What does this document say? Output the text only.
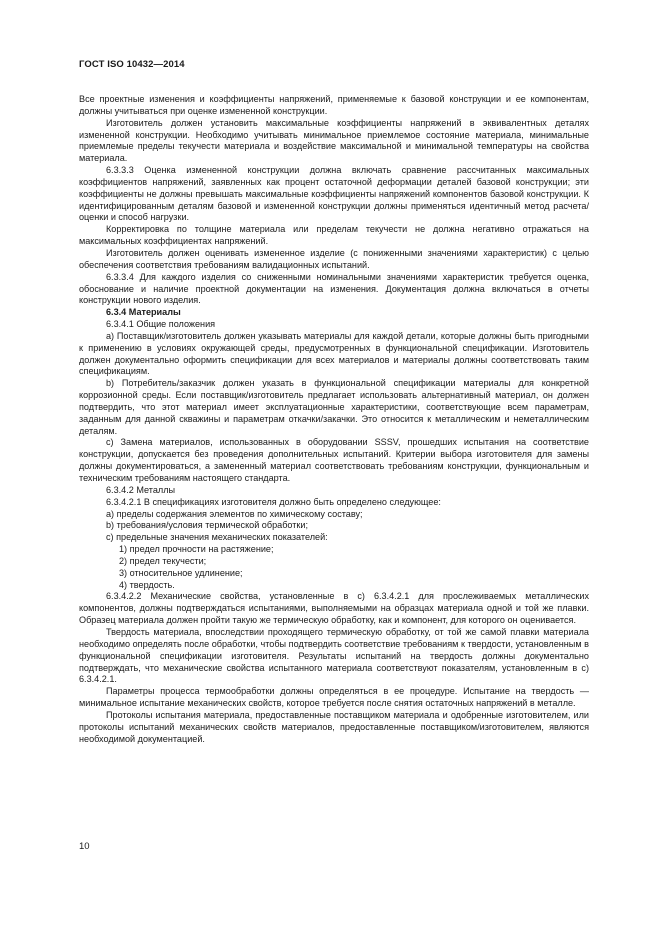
ГОСТ ISO 10432—2014

Все проектные изменения и коэффициенты напряжений, применяемые к базовой конструкции и ее компонентам, должны учитываться при оценке измененной конструкции.

Изготовитель должен установить максимальные коэффициенты напряжений в эквивалентных деталях измененной конструкции. Необходимо учитывать минимальное приемлемое состояние материала, минимальные приемлемые пределы текучести материала и воздействие максимальной и минимальной температуры на свойства материала.

6.3.3.3 Оценка измененной конструкции должна включать сравнение рассчитанных максимальных коэффициентов напряжений, заявленных как процент остаточной деформации деталей базовой конструкции; эти коэффициенты не должны превышать максимальные коэффициенты напряжений компонентов базовой конструкции. К идентифицированным деталям базовой и измененной конструкции должны применяться идентичный метод расчета/оценки и способ нагрузки.

Корректировка по толщине материала или пределам текучести не должна негативно отражаться на максимальных коэффициентах напряжений.

Изготовитель должен оценивать измененное изделие (с пониженными значениями характеристик) с целью обеспечения соответствия требованиям валидационных испытаний.

6.3.3.4 Для каждого изделия со сниженными номинальными значениями характеристик требуется оценка, обоснование и наличие проектной документации на изменения. Документация должна включаться в отчеты конструкции нового изделия.

6.3.4 Материалы

6.3.4.1 Общие положения

a) Поставщик/изготовитель должен указывать материалы для каждой детали, которые должны быть пригодными к применению в условиях окружающей среды, предусмотренных в функциональной спецификации. Изготовитель должен документально оформить спецификации для всех материалов и материалы должны соответствовать таким спецификациям.

b) Потребитель/заказчик должен указать в функциональной спецификации материалы для конкретной коррозионной среды. Если поставщик/изготовитель предлагает использовать альтернативный материал, он должен подтвердить, что этот материал имеет эксплуатационные характеристики, соответствующие всем параметрам, заданным для данной скважины и параметрам откачки/закачки. Это относится к металлическим и неметаллическим деталям.

c) Замена материалов, использованных в оборудовании SSSV, прошедших испытания на соответствие конструкции, допускается без проведения дополнительных испытаний. Критерии выбора изготовителя для замены должны документироваться, а замененный материал соответствовать требованиям конструкции, функциональным и техническим требованиям настоящего стандарта.

6.3.4.2 Металлы

6.3.4.2.1 В спецификациях изготовителя должно быть определено следующее:

a) пределы содержания элементов по химическому составу;

b) требования/условия термической обработки;

c) предельные значения механических показателей:

1) предел прочности на растяжение;

2) предел текучести;

3) относительное удлинение;

4) твердость.

6.3.4.2.2 Механические свойства, установленные в c) 6.3.4.2.1 для прослеживаемых металлических компонентов, должны подтверждаться испытаниями, выполняемыми на образцах материала одной и той же плавки. Образец материала должен пройти такую же термическую обработку, как и компонент, для которого он оценивается.

Твердость материала, впоследствии проходящего термическую обработку, от той же самой плавки материала необходимо определять после обработки, чтобы подтвердить соответствие требованиям к твердости, установленным в функциональной спецификации изготовителя. Результаты испытаний на твердость должны документально подтверждать, что механические свойства испытанного материала соответствуют показателям, установленным в c) 6.3.4.2.1.

Параметры процесса термообработки должны определяться в ее процедуре. Испытание на твердость — минимальное испытание механических свойств, которое требуется после снятия остаточных напряжений в металле.

Протоколы испытания материала, предоставленные поставщиком материала и одобренные изготовителем, или протоколы испытаний механических свойств материалов, предоставленные поставщиком/изготовителем, являются необходимой документацией.

10
